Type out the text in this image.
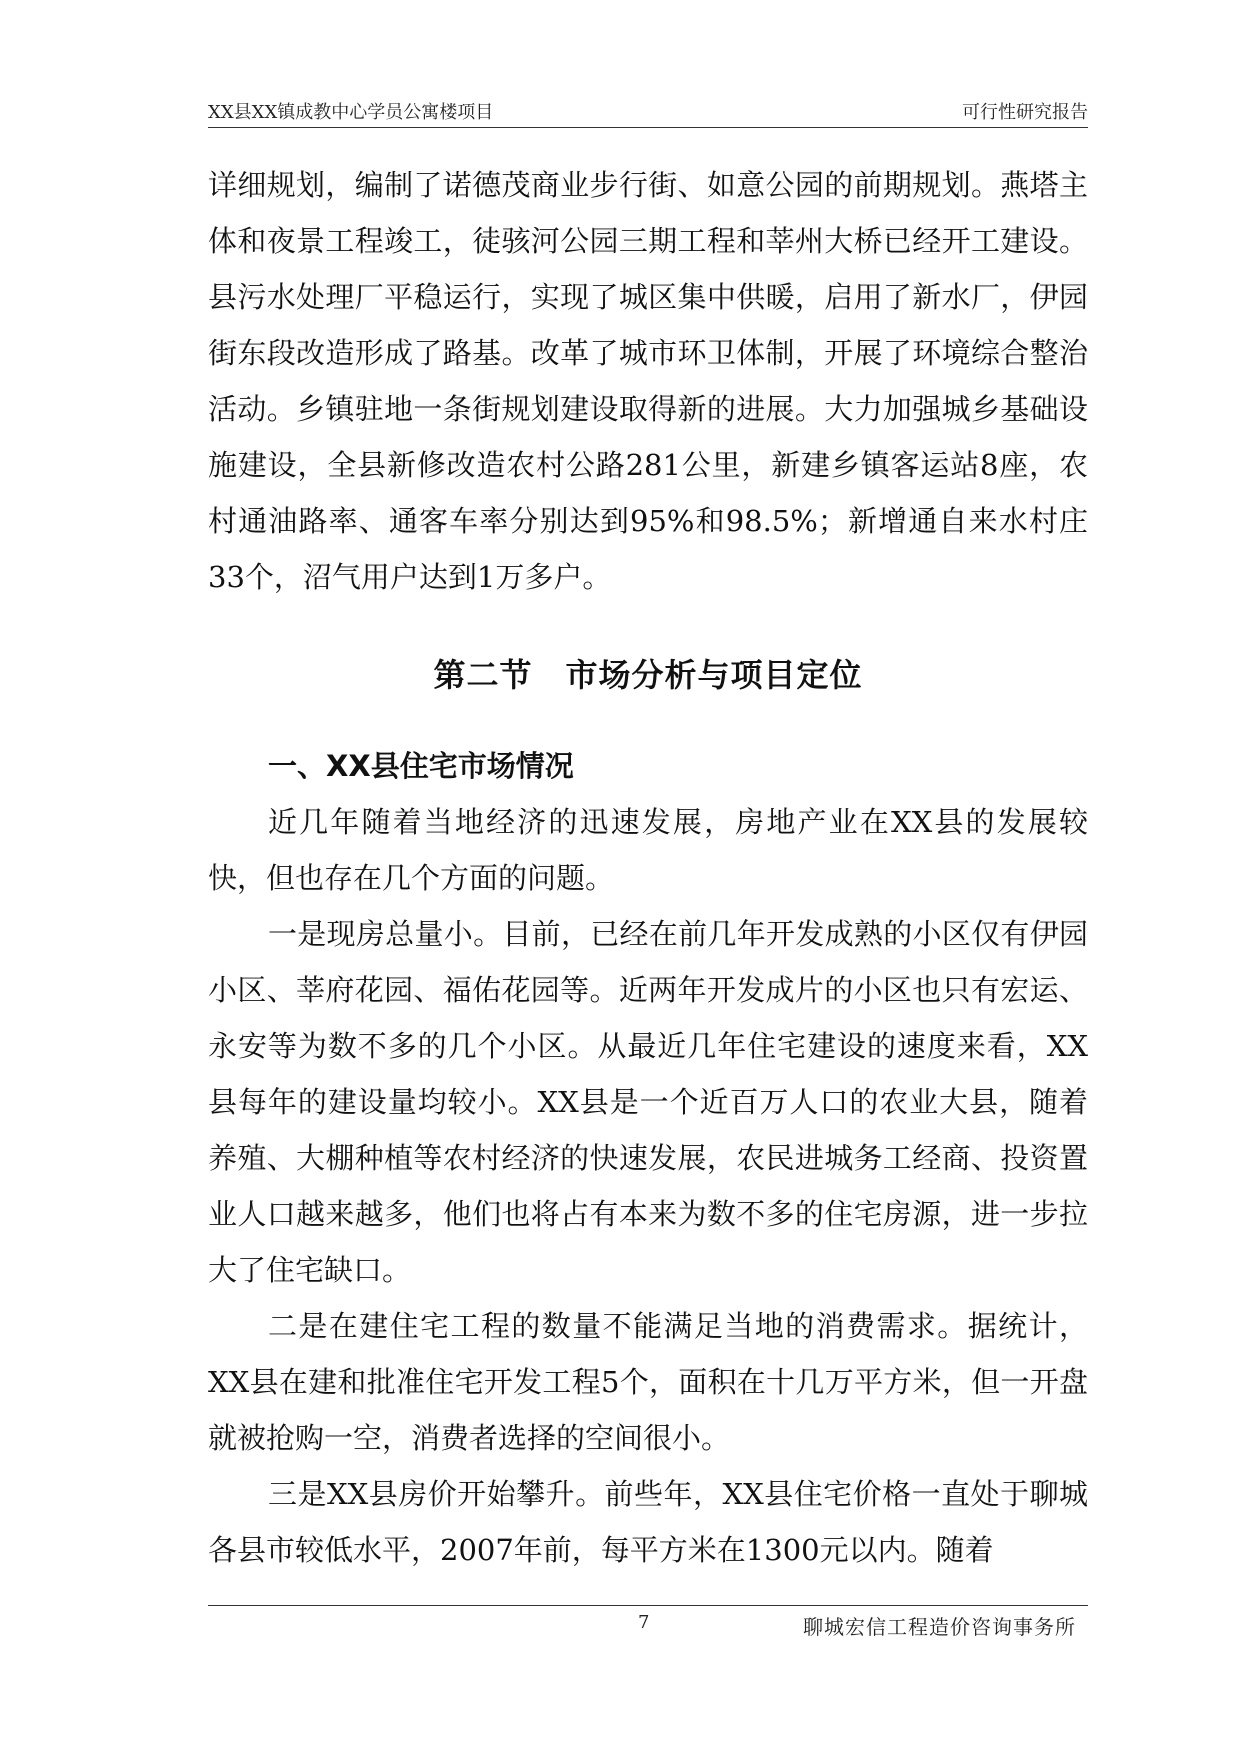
XX县XX镇成教中心学员公寓楼项目	可行性研究报告

详细规划，编制了诺德茂商业步行街、如意公园的前期规划。燕塔主体和夜景工程竣工，徒骇河公园三期工程和莘州大桥已经开工建设。县污水处理厂平稳运行，实现了城区集中供暖，启用了新水厂，伊园街东段改造形成了路基。改革了城市环卫体制，开展了环境综合整治活动。乡镇驻地一条街规划建设取得新的进展。大力加强城乡基础设施建设，全县新修改造农村公路281公里，新建乡镇客运站8座，农村通油路率、通客车率分别达到95%和98.5%；新增通自来水村庄33个，沼气用户达到1万多户。

第二节　市场分析与项目定位
一、XX县住宅市场情况

近几年随着当地经济的迅速发展，房地产业在XX县的发展较快，但也存在几个方面的问题。

一是现房总量小。目前，已经在前几年开发成熟的小区仅有伊园小区、莘府花园、福佑花园等。近两年开发成片的小区也只有宏运、永安等为数不多的几个小区。从最近几年住宅建设的速度来看，XX县每年的建设量均较小。XX县是一个近百万人口的农业大县，随着养殖、大棚种植等农村经济的快速发展，农民进城务工经商、投资置业人口越来越多，他们也将占有本来为数不多的住宅房源，进一步拉大了住宅缺口。

二是在建住宅工程的数量不能满足当地的消费需求。据统计，XX县在建和批准住宅开发工程5个，面积在十几万平方米，但一开盘就被抢购一空，消费者选择的空间很小。

三是XX县房价开始攀升。前些年，XX县住宅价格一直处于聊城各县市较低水平，2007年前，每平方米在1300元以内。随着

7	聊城宏信工程造价咨询事务所
